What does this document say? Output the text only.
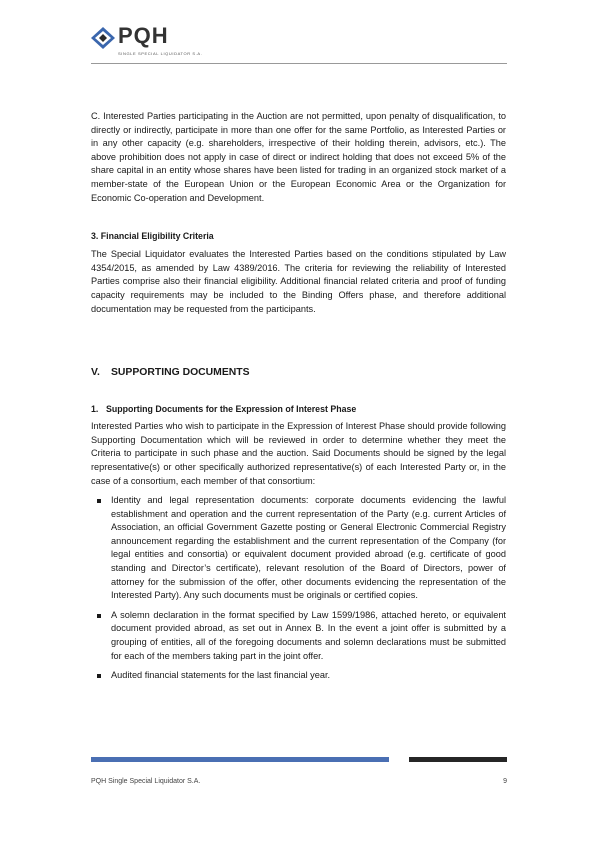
PQH
SINGLE SPECIAL LIQUIDATOR S.A.

C. Interested Parties participating in the Auction are not permitted, upon penalty of disqualification, to directly or indirectly, participate in more than one offer for the same Portfolio, as Interested Parties or in any other capacity (e.g. shareholders, irrespective of their holding therein, advisors, etc.). The above prohibition does not apply in case of direct or indirect holding that does not exceed 5% of the share capital in an entity whose shares have been listed for trading in an organized stock market of a member-state of the European Union or the European Economic Area or the Organization for Economic Co-operation and Development.

3. Financial Eligibility Criteria

The Special Liquidator evaluates the Interested Parties based on the conditions stipulated by Law 4354/2015, as amended by Law 4389/2016. The criteria for reviewing the reliability of Interested Parties comprise also their financial eligibility. Additional financial related criteria and proof of funding capacity requirements may be included to the Binding Offers phase, and therefore additional documentation may be requested from the participants.

V. SUPPORTING DOCUMENTS
1. Supporting Documents for the Expression of Interest Phase

Interested Parties who wish to participate in the Expression of Interest Phase should provide following Supporting Documentation which will be reviewed in order to determine whether they meet the Criteria to participate in such phase and the auction. Said Documents should be signed by the legal representative(s) or other specifically authorized representative(s) of each Interested Party or, in the case of a consortium, each member of that consortium:

Identity and legal representation documents: corporate documents evidencing the lawful establishment and operation and the current representation of the Party (e.g. current Articles of Association, an official Government Gazette posting or General Electronic Commercial Registry announcement regarding the establishment and the current representation of the Company (for legal entities and consortia) or equivalent document provided abroad (e.g. certificate of good standing and Director’s certificate), relevant resolution of the Board of Directors, power of attorney for the submission of the offer, other documents evidencing the representation of the Interested Party). Any such documents must be originals or certified copies.
A solemn declaration in the format specified by Law 1599/1986, attached hereto, or equivalent document provided abroad, as set out in Annex B. In the event a joint offer is submitted by a grouping of entities, all of the foregoing documents and solemn declarations must be submitted for each of the members taking part in the joint offer.
Audited financial statements for the last financial year.
PQH Single Special Liquidator S.A.	9
